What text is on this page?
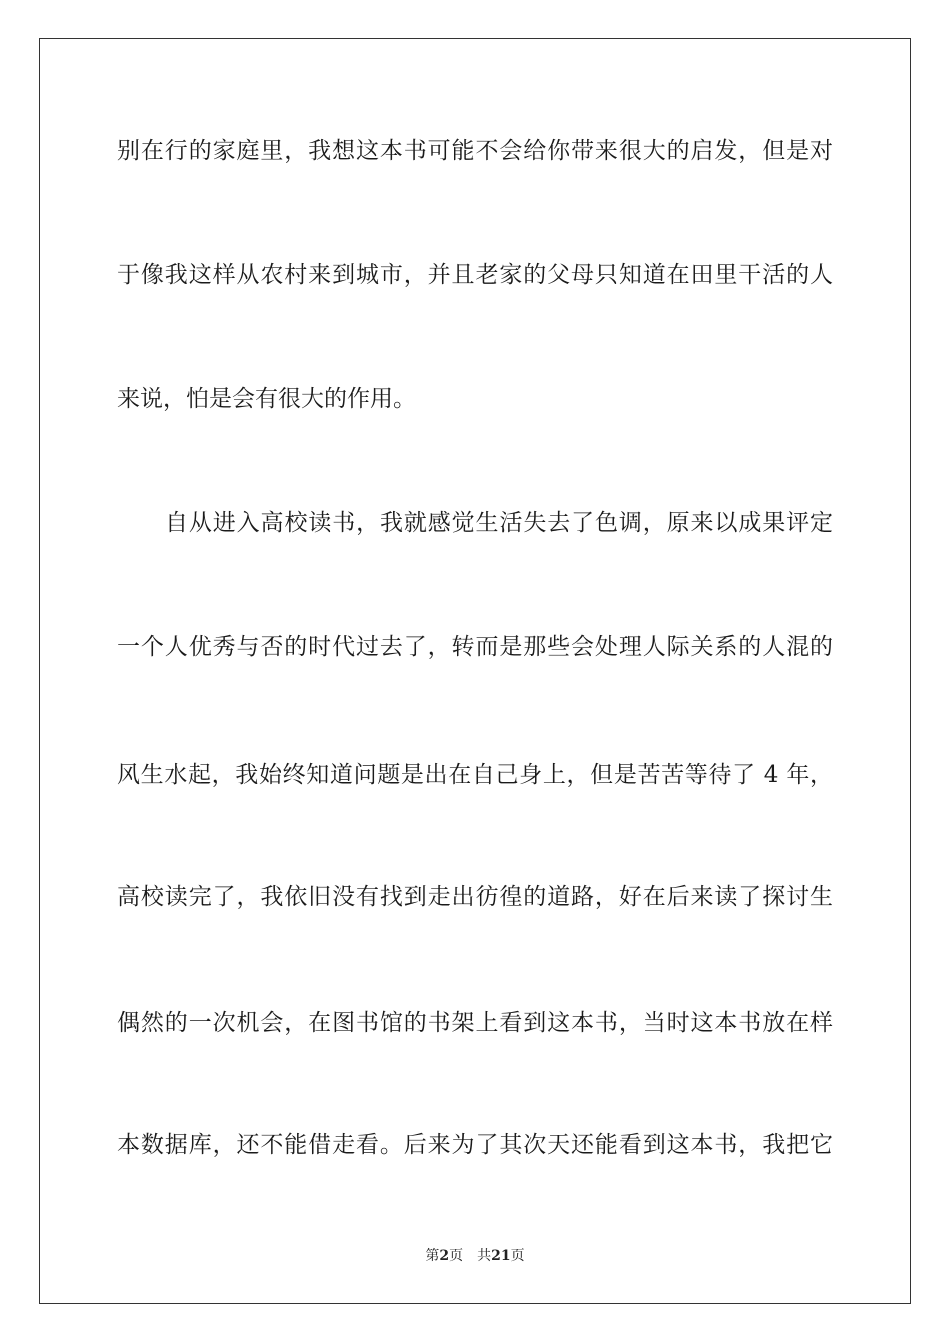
别在行的家庭里，我想这本书可能不会给你带来很大的启发，但是对
于像我这样从农村来到城市，并且老家的父母只知道在田里干活的人
来说，怕是会有很大的作用。
自从进入高校读书，我就感觉生活失去了色调，原来以成果评定
一个人优秀与否的时代过去了，转而是那些会处理人际关系的人混的
风生水起，我始终知道问题是出在自己身上，但是苦苦等待了 4 年，
高校读完了，我依旧没有找到走出彷徨的道路，好在后来读了探讨生
偶然的一次机会，在图书馆的书架上看到这本书，当时这本书放在样
本数据库，还不能借走看。后来为了其次天还能看到这本书，我把它
第2页 共21页
